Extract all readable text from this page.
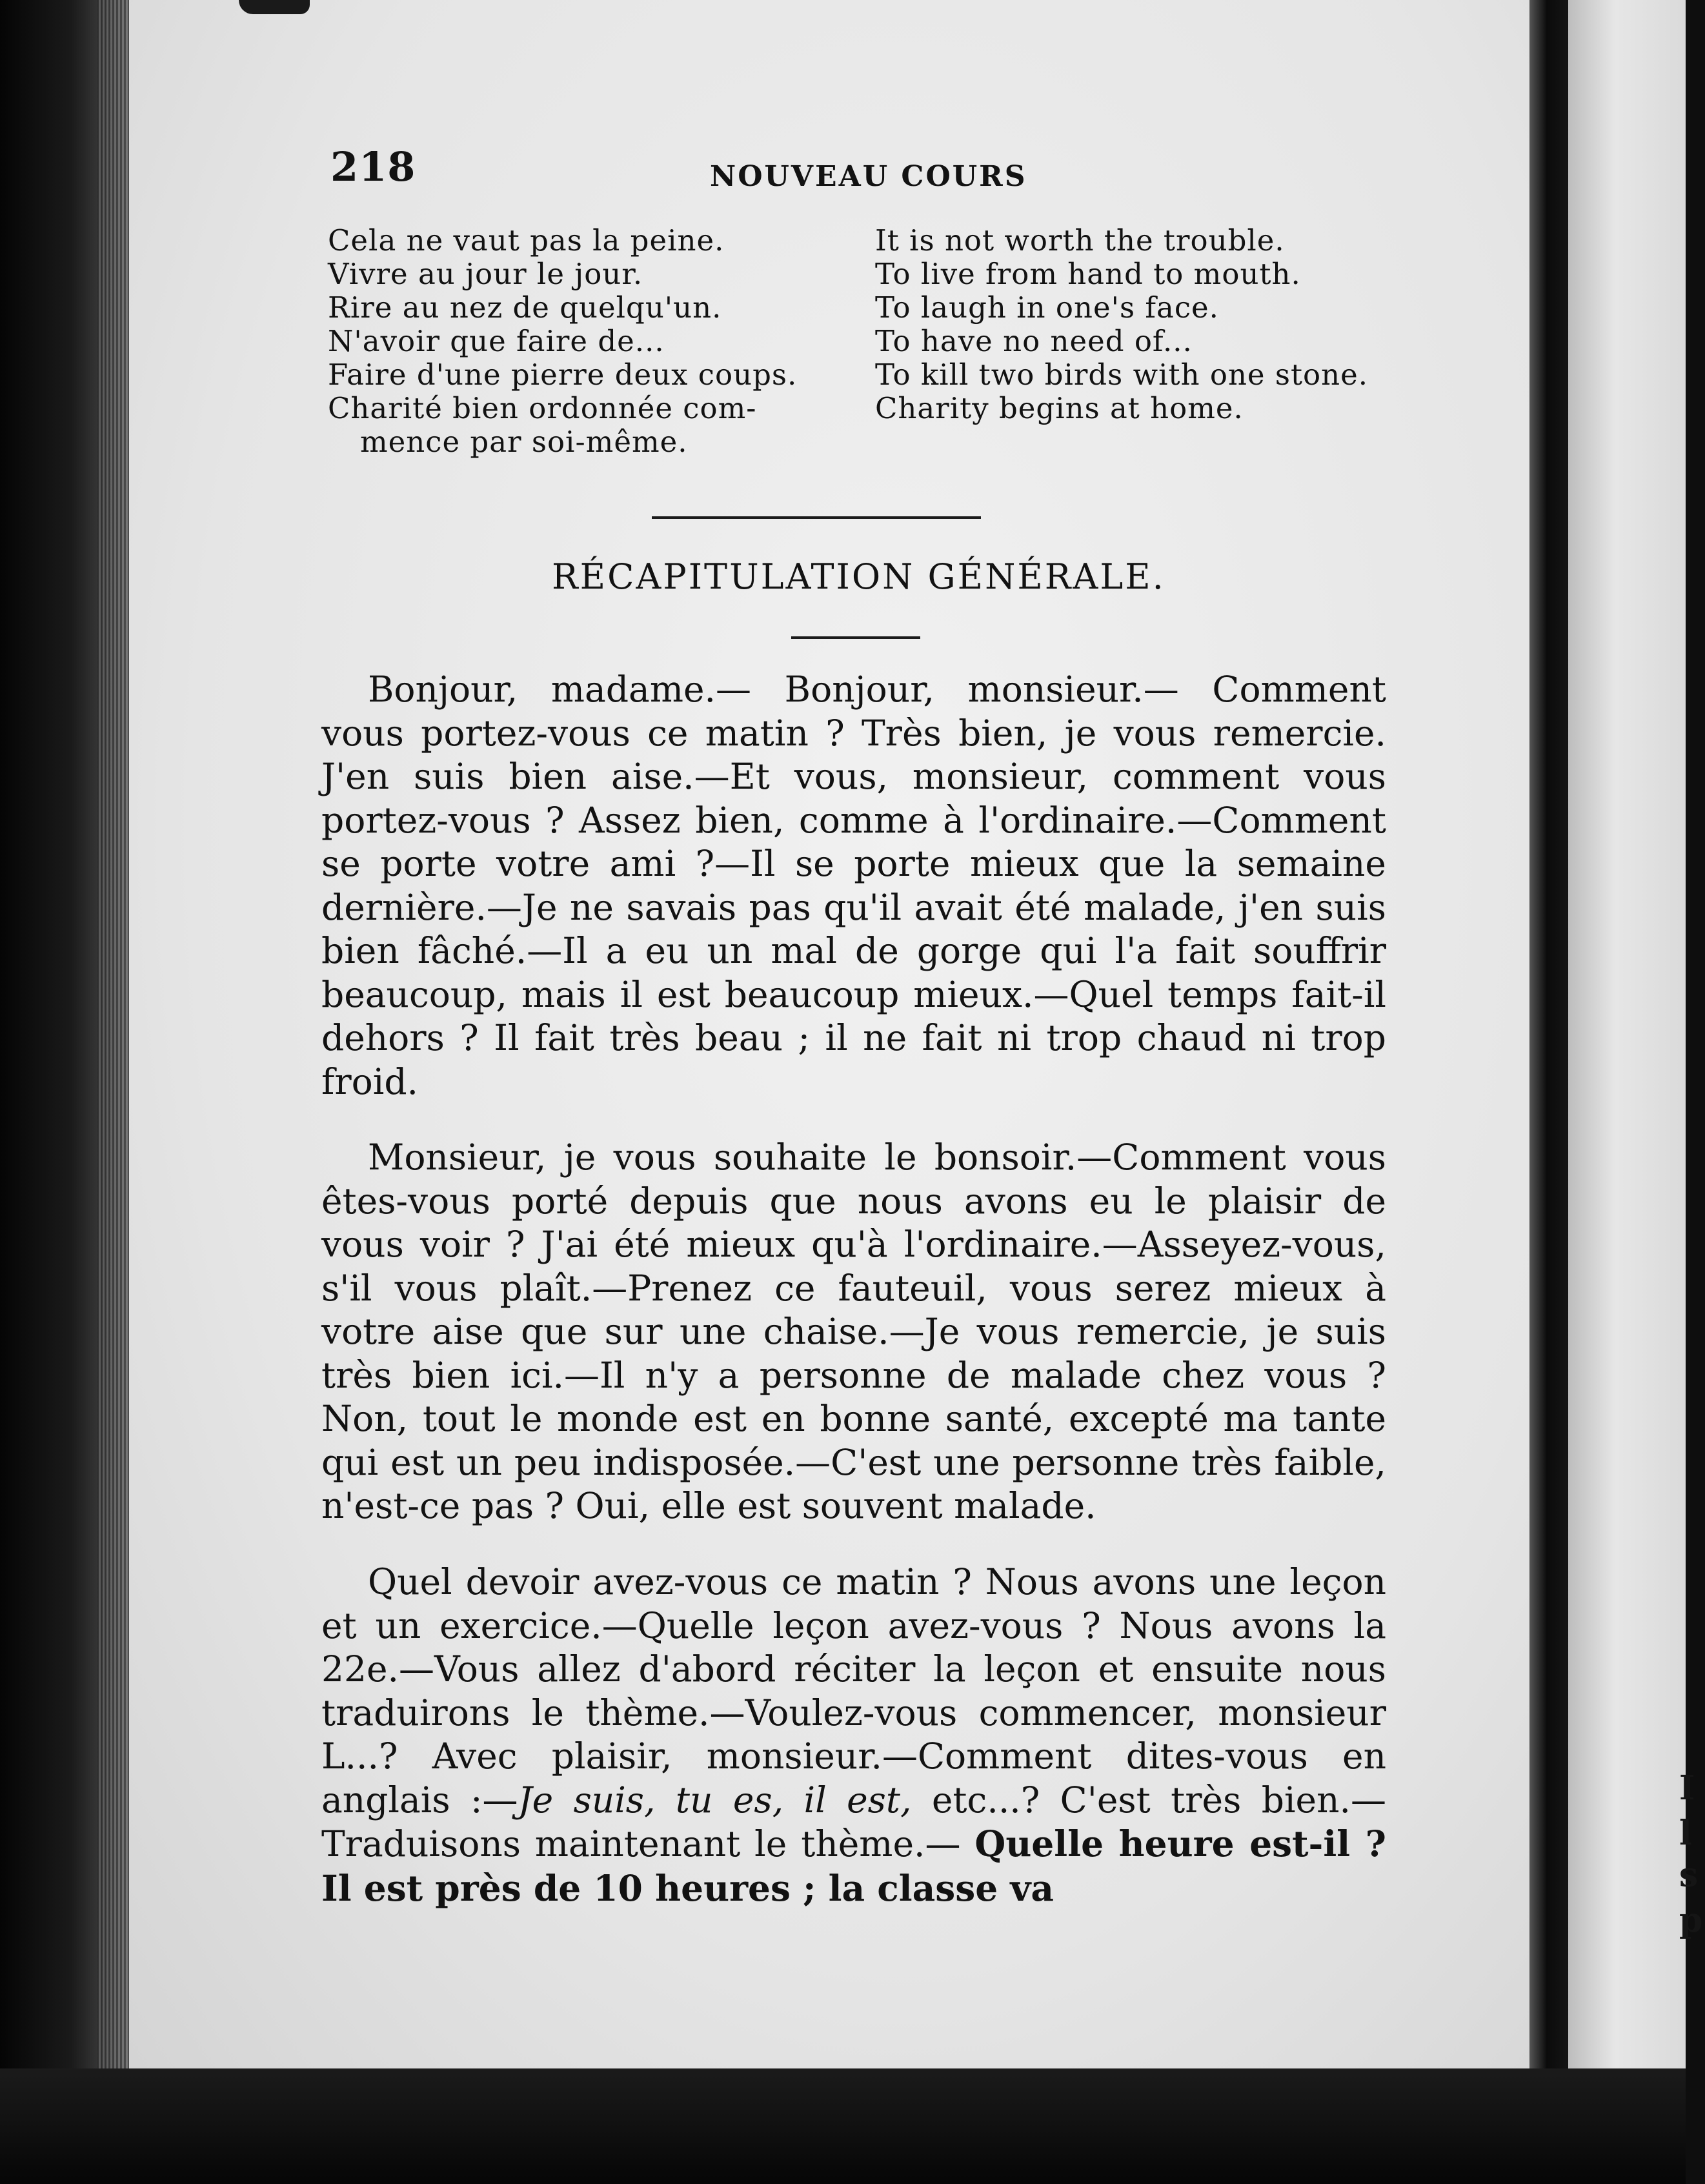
I
l
s
p
218	NOUVEAU COURS
Cela ne vaut pas la peine.
Vivre au jour le jour.
Rire au nez de quelqu'un.
N'avoir que faire de...
Faire d'une pierre deux coups.
Charité bien ordonnée com-
mence par soi-même.
It is not worth the trouble.
To live from hand to mouth.
To laugh in one's face.
To have no need of...
To kill two birds with one stone.
Charity begins at home.
RÉCAPITULATION GÉNÉRALE.

Bonjour, madame.— Bonjour, monsieur.— Comment vous portez-vous ce matin ? Très bien, je vous remercie. J'en suis bien aise.—Et vous, monsieur, comment vous portez-vous ? Assez bien, comme à l'ordinaire.—Comment se porte votre ami ?—Il se porte mieux que la semaine dernière.—Je ne savais pas qu'il avait été malade, j'en suis bien fâché.—Il a eu un mal de gorge qui l'a fait souffrir beaucoup, mais il est beaucoup mieux.—Quel temps fait-il dehors ? Il fait très beau ; il ne fait ni trop chaud ni trop froid.

Monsieur, je vous souhaite le bonsoir.—Comment vous êtes-vous porté depuis que nous avons eu le plaisir de vous voir ? J'ai été mieux qu'à l'ordinaire.—Asseyez-vous, s'il vous plaît.—Prenez ce fauteuil, vous serez mieux à votre aise que sur une chaise.—Je vous remercie, je suis très bien ici.—Il n'y a personne de malade chez vous ? Non, tout le monde est en bonne santé, excepté ma tante qui est un peu indisposée.—C'est une personne très faible, n'est-ce pas ? Oui, elle est souvent malade.

Quel devoir avez-vous ce matin ? Nous avons une leçon et un exercice.—Quelle leçon avez-vous ? Nous avons la 22e.—Vous allez d'abord réciter la leçon et ensuite nous traduirons le thème.—Voulez-vous commencer, monsieur L...? Avec plaisir, monsieur.—Comment dites-vous en anglais :—Je suis, tu es, il est, etc...? C'est très bien.— Traduisons maintenant le thème.— Quelle heure est-il ? Il est près de 10 heures ; la classe va
